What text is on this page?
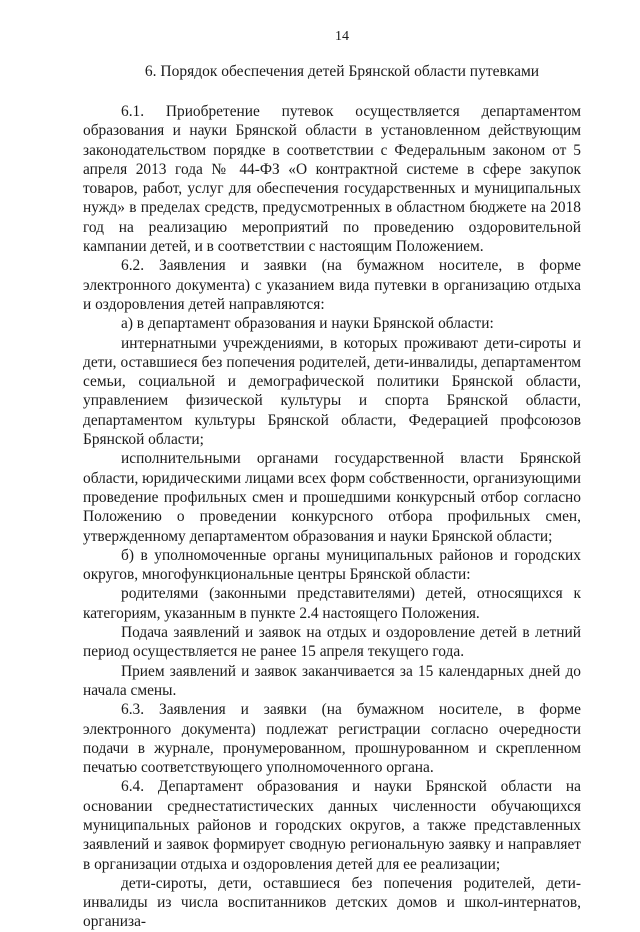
14
6. Порядок обеспечения детей Брянской области путевками

6.1. Приобретение путевок осуществляется департаментом образования и науки Брянской области в установленном действующим законодательством порядке в соответствии с Федеральным законом от 5 апреля 2013 года № 44-ФЗ «О контрактной системе в сфере закупок товаров, работ, услуг для обеспечения государственных и муниципальных нужд» в пределах средств, предусмотренных в областном бюджете на 2018 год на реализацию мероприятий по проведению оздоровительной кампании детей, и в соответствии с настоящим Положением.

6.2. Заявления и заявки (на бумажном носителе, в форме электронного документа) с указанием вида путевки в организацию отдыха и оздоровления детей направляются:

а) в департамент образования и науки Брянской области:

интернатными учреждениями, в которых проживают дети-сироты и дети, оставшиеся без попечения родителей, дети-инвалиды, департаментом семьи, социальной и демографической политики Брянской области, управлением физической культуры и спорта Брянской области, департаментом культуры Брянской области, Федерацией профсоюзов Брянской области;

исполнительными органами государственной власти Брянской области, юридическими лицами всех форм собственности, организующими проведение профильных смен и прошедшими конкурсный отбор согласно Положению о проведении конкурсного отбора профильных смен, утвержденному департаментом образования и науки Брянской области;

б) в уполномоченные органы муниципальных районов и городских округов, многофункциональные центры Брянской области:

родителями (законными представителями) детей, относящихся к категориям, указанным в пункте 2.4 настоящего Положения.

Подача заявлений и заявок на отдых и оздоровление детей в летний период осуществляется не ранее 15 апреля текущего года.

Прием заявлений и заявок заканчивается за 15 календарных дней до начала смены.

6.3. Заявления и заявки (на бумажном носителе, в форме электронного документа) подлежат регистрации согласно очередности подачи в журнале, пронумерованном, прошнурованном и скрепленном печатью соответствующего уполномоченного органа.

6.4. Департамент образования и науки Брянской области на основании среднестатистических данных численности обучающихся муниципальных районов и городских округов, а также представленных заявлений и заявок формирует сводную региональную заявку и направляет в организации отдыха и оздоровления детей для ее реализации;

дети-сироты, дети, оставшиеся без попечения родителей, дети-инвалиды из числа воспитанников детских домов и школ-интернатов, организа-
